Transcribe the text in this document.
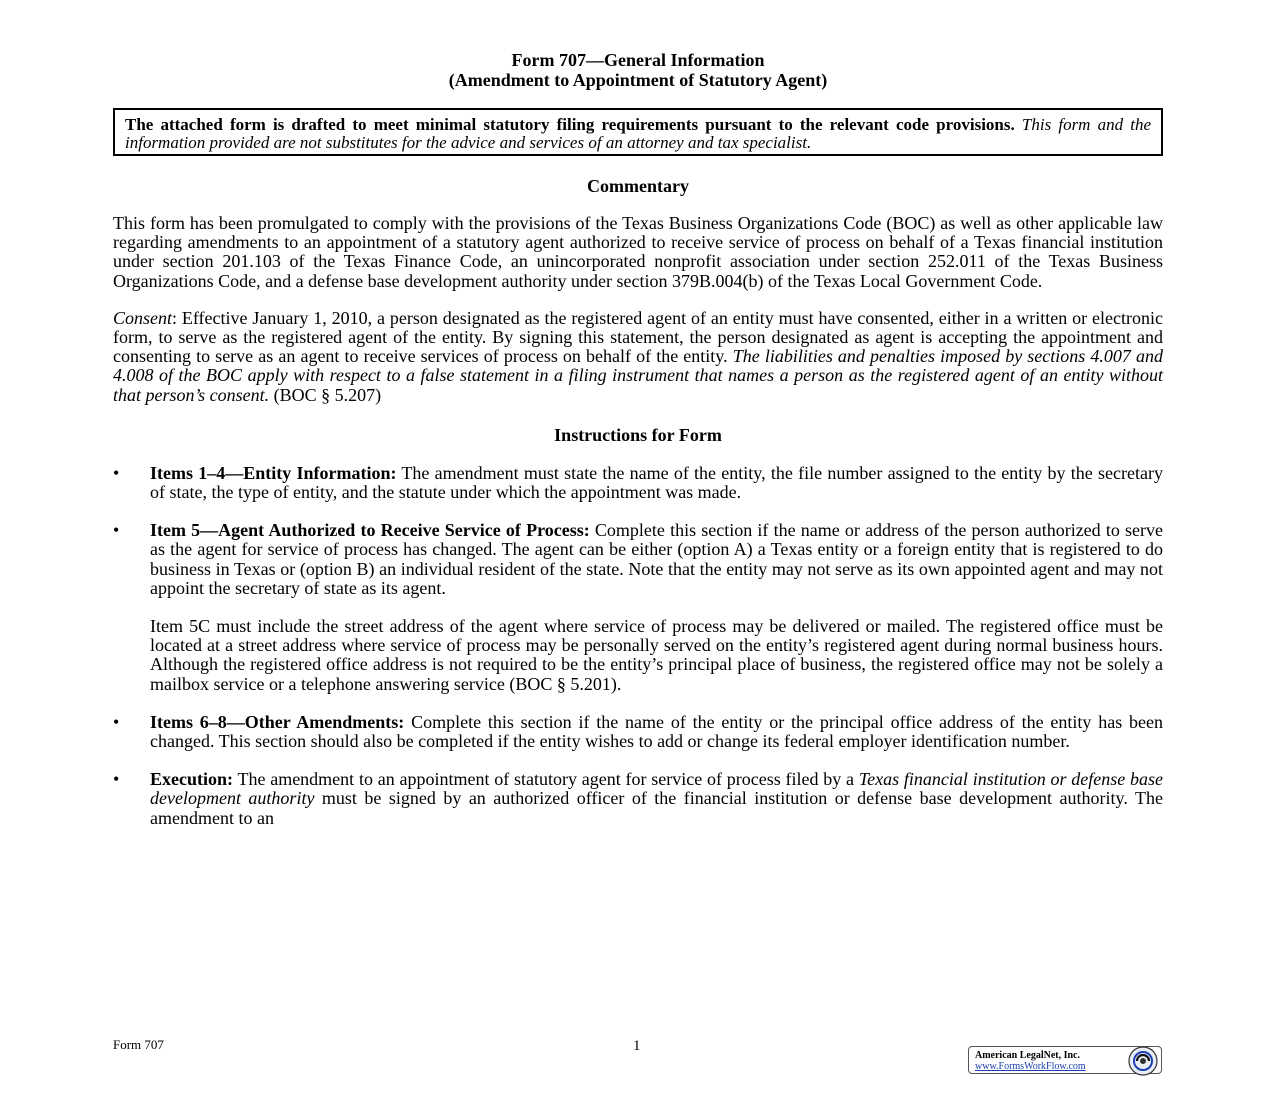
Form 707—General Information
(Amendment to Appointment of Statutory Agent)
The attached form is drafted to meet minimal statutory filing requirements pursuant to the relevant code provisions. This form and the information provided are not substitutes for the advice and services of an attorney and tax specialist.
Commentary

This form has been promulgated to comply with the provisions of the Texas Business Organizations Code (BOC) as well as other applicable law regarding amendments to an appointment of a statutory agent authorized to receive service of process on behalf of a Texas financial institution under section 201.103 of the Texas Finance Code, an unincorporated nonprofit association under section 252.011 of the Texas Business Organizations Code, and a defense base development authority under section 379B.004(b) of the Texas Local Government Code.

Consent: Effective January 1, 2010, a person designated as the registered agent of an entity must have consented, either in a written or electronic form, to serve as the registered agent of the entity. By signing this statement, the person designated as agent is accepting the appointment and consenting to serve as an agent to receive services of process on behalf of the entity. The liabilities and penalties imposed by sections 4.007 and 4.008 of the BOC apply with respect to a false statement in a filing instrument that names a person as the registered agent of an entity without that person’s consent. (BOC § 5.207)

Instructions for Form
• Items 1–4—Entity Information: The amendment must state the name of the entity, the file number assigned to the entity by the secretary of state, the type of entity, and the statute under which the appointment was made.

• Item 5—Agent Authorized to Receive Service of Process: Complete this section if the name or address of the person authorized to serve as the agent for service of process has changed. The agent can be either (option A) a Texas entity or a foreign entity that is registered to do business in Texas or (option B) an individual resident of the state. Note that the entity may not serve as its own appointed agent and may not appoint the secretary of state as its agent.

Item 5C must include the street address of the agent where service of process may be delivered or mailed. The registered office must be located at a street address where service of process may be personally served on the entity’s registered agent during normal business hours. Although the registered office address is not required to be the entity’s principal place of business, the registered office may not be solely a mailbox service or a telephone answering service (BOC § 5.201).

• Items 6–8—Other Amendments: Complete this section if the name of the entity or the principal office address of the entity has been changed. This section should also be completed if the entity wishes to add or change its federal employer identification number.

• Execution: The amendment to an appointment of statutory agent for service of process filed by a Texas financial institution or defense base development authority must be signed by an authorized officer of the financial institution or defense base development authority. The amendment to an

Form 707	1
American LegalNet, Inc.
www.FormsWorkFlow.com
